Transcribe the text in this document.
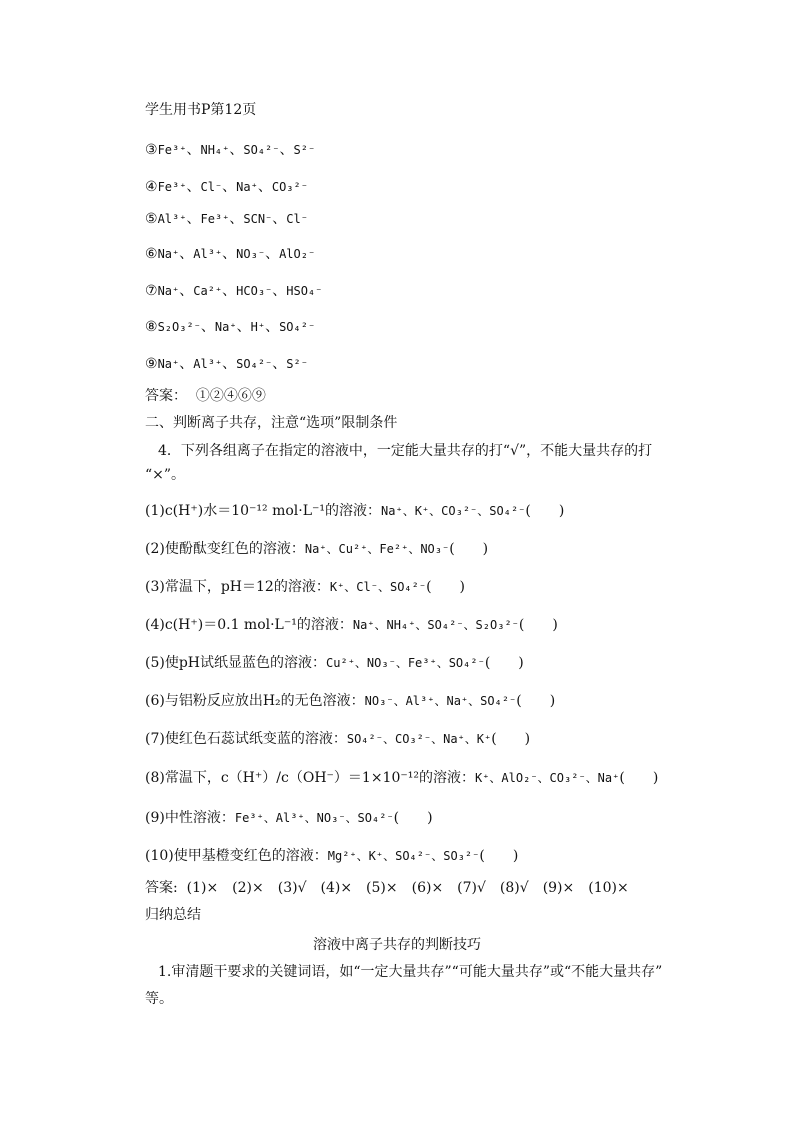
学生用书P第12页
③Fe³⁺、NH₄⁺、SO₄²⁻、S²⁻
④Fe³⁺、Cl⁻、Na⁺、CO₃²⁻
⑤Al³⁺、Fe³⁺、SCN⁻、Cl⁻
⑥Na⁺、Al³⁺、NO₃⁻、AlO₂⁻
⑦Na⁺、Ca²⁺、HCO₃⁻、HSO₄⁻
⑧S₂O₃²⁻、Na⁺、H⁺、SO₄²⁻
⑨Na⁺、Al³⁺、SO₄²⁻、S²⁻
答案： ①②④⑥⑨
二、判断离子共存，注意“选项”限制条件
4．下列各组离子在指定的溶液中，一定能大量共存的打“√”，不能大量共存的打
“×”。
(1)c(H⁺)水＝10⁻¹² mol·L⁻¹的溶液：Na⁺、K⁺、CO₃²⁻、SO₄²⁻(　　)
(2)使酚酞变红色的溶液：Na⁺、Cu²⁺、Fe²⁺、NO₃⁻(　　)
(3)常温下，pH＝12的溶液：K⁺、Cl⁻、SO₄²⁻(　　)
(4)c(H⁺)＝0.1 mol·L⁻¹的溶液：Na⁺、NH₄⁺、SO₄²⁻、S₂O₃²⁻(　　)
(5)使pH试纸显蓝色的溶液：Cu²⁺、NO₃⁻、Fe³⁺、SO₄²⁻(　　)
(6)与铝粉反应放出H₂的无色溶液：NO₃⁻、Al³⁺、Na⁺、SO₄²⁻(　　)
(7)使红色石蕊试纸变蓝的溶液：SO₄²⁻、CO₃²⁻、Na⁺、K⁺(　　)
(8)常温下，c（H⁺）/c（OH⁻）＝1×10⁻¹²的溶液：K⁺、AlO₂⁻、CO₃²⁻、Na⁺(　　)
(9)中性溶液：Fe³⁺、Al³⁺、NO₃⁻、SO₄²⁻(　　)
(10)使甲基橙变红色的溶液：Mg²⁺、K⁺、SO₄²⁻、SO₃²⁻(　　)
答案: (1)×　(2)×　(3)√　(4)×　(5)×　(6)×　(7)√　(8)√　(9)×　(10)×
归纳总结
溶液中离子共存的判断技巧
1.审清题干要求的关键词语，如“一定大量共存”“可能大量共存”或“不能大量共存”
等。
